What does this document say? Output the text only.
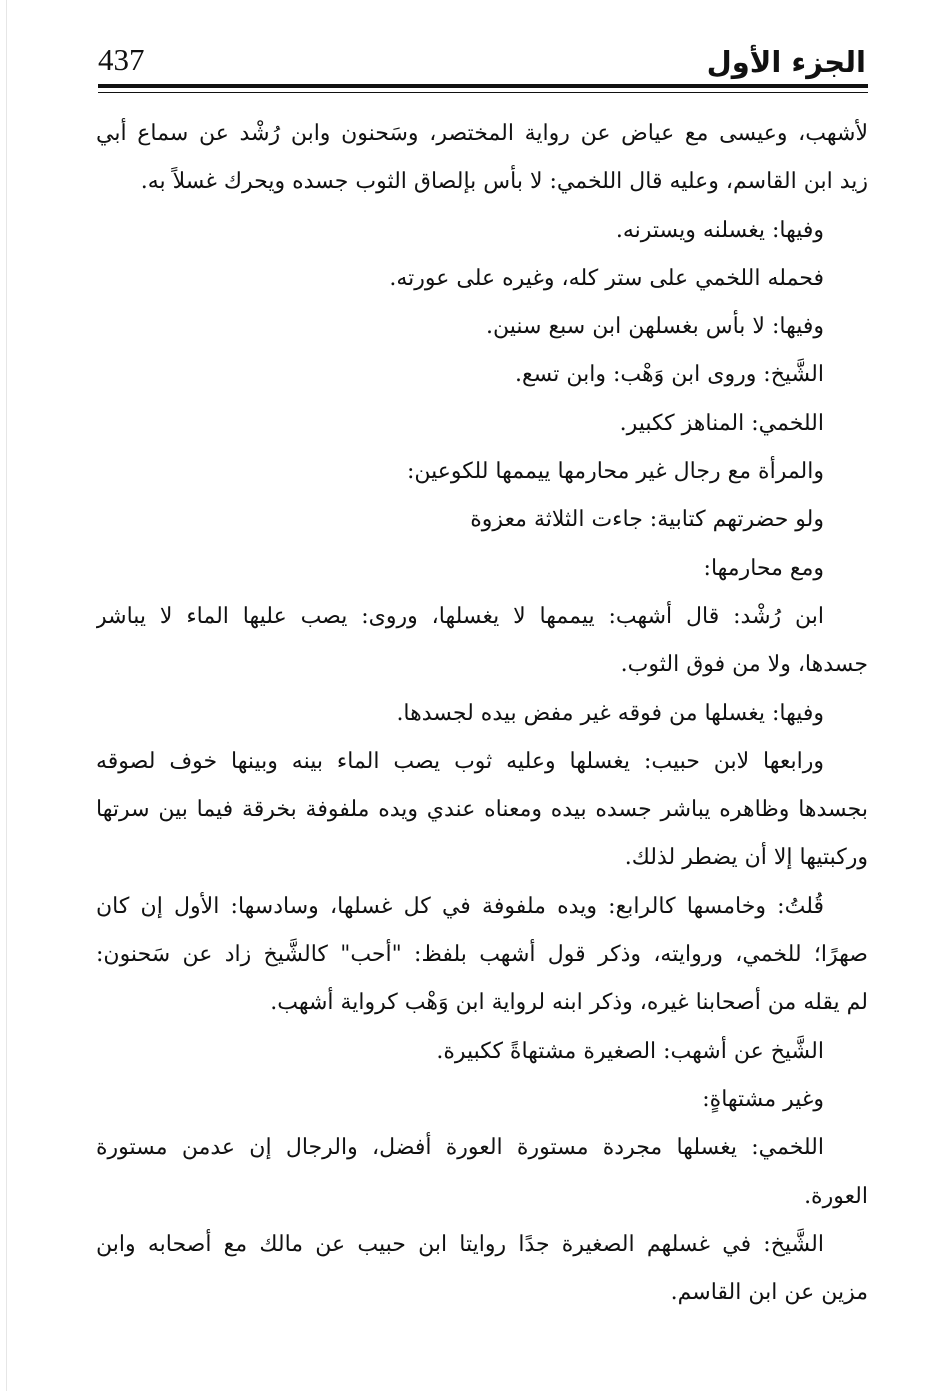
437	الجزء الأول
لأشهب، وعيسى مع عياض عن رواية المختصر، وسَحنون وابن رُشْد عن سماع أبي
زيد ابن القاسم، وعليه قال اللخمي: لا بأس بإلصاق الثوب جسده ويحرك غسلاً به.
وفيها: يغسلنه ويسترنه.
فحمله اللخمي على ستر كله، وغيره على عورته.
وفيها: لا بأس بغسلهن ابن سبع سنين.
الشَّيخ: وروى ابن وَهْب: وابن تسع.
اللخمي: المناهز ككبير.
والمرأة مع رجال غير محارمها ييممها للكوعين:
ولو حضرتهم كتابية: جاءت الثلاثة معزوة
ومع محارمها:
ابن رُشْد: قال أشهب: ييممها لا يغسلها، وروى: يصب عليها الماء لا يباشر
جسدها، ولا من فوق الثوب.
وفيها: يغسلها من فوقه غير مفض بيده لجسدها.
ورابعها لابن حبيب: يغسلها وعليه ثوب يصب الماء بينه وبينها خوف لصوقه
بجسدها وظاهره يباشر جسده بيده ومعناه عندي ويده ملفوفة بخرقة فيما بين سرتها
وركبتيها إلا أن يضطر لذلك.
قُلتُ: وخامسها كالرابع: ويده ملفوفة في كل غسلها، وسادسها: الأول إن كان
صهرًا؛ للخمي، وروايته، وذكر قول أشهب بلفظ: "أحب" كالشَّيخ زاد عن سَحنون:
لم يقله من أصحابنا غيره، وذكر ابنه لرواية ابن وَهْب كرواية أشهب.
الشَّيخ عن أشهب: الصغيرة مشتهاةً ككبيرة.
وغير مشتهاةٍ:
اللخمي: يغسلها مجردة مستورة العورة أفضل، والرجال إن عدمن مستورة
العورة.
الشَّيخ: في غسلهم الصغيرة جدًا روايتا ابن حبيب عن مالك مع أصحابه وابن
مزين عن ابن القاسم.
